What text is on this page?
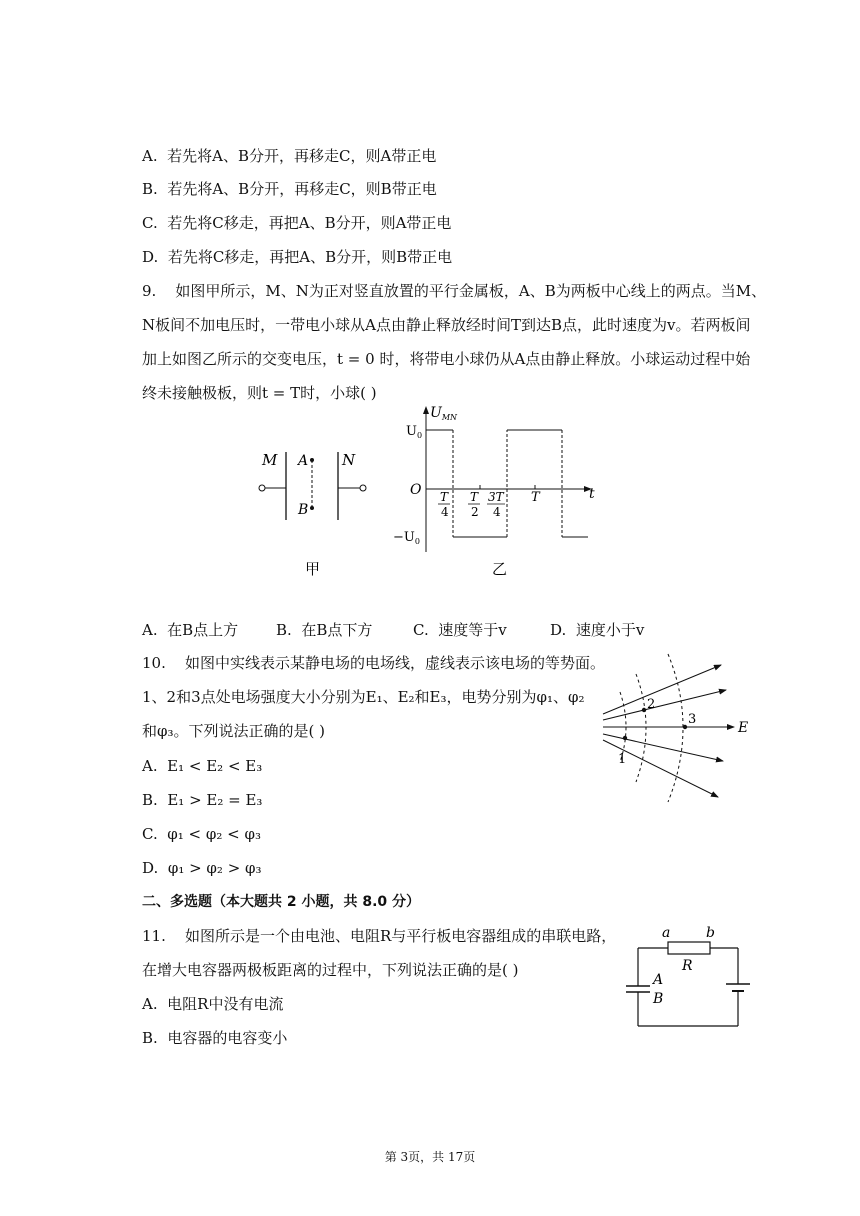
A. 若先将A、B分开，再移走C，则A带正电
B. 若先将A、B分开，再移走C，则B带正电
C. 若先将C移走，再把A、B分开，则A带正电
D. 若先将C移走，再把A、B分开，则B带正电
9. 如图甲所示，M、N为正对竖直放置的平行金属板，A、B为两板中心线上的两点。当M、
N板间不加电压时，一带电小球从A点由静止释放经时间T到达B点，此时速度为v。若两板间
加上如图乙所示的交变电压，t = 0 时，将带电小球仍从A点由静止释放。小球运动过程中始
终未接触极板，则t = T时，小球( )
M	N
A
B
甲
$U_{MN}$
$U_0$
O
$-U_0$
t
T
4
T
2
3T
4
T
乙
A. 在B点上方	B. 在B点下方	C. 速度等于v	D. 速度小于v
10. 如图中实线表示某静电场的电场线，虚线表示该电场的等势面。
1、2和3点处电场强度大小分别为E₁、E₂和E₃，电势分别为φ₁、φ₂
和φ₃。下列说法正确的是( )
A. E₁ < E₂ < E₃
B. E₁ > E₂ = E₃
C. φ₁ < φ₂ < φ₃
D. φ₁ > φ₂ > φ₃
1
2
3
E
二、多选题（本大题共 2 小题，共 8.0 分）
11. 如图所示是一个由电池、电阻R与平行板电容器组成的串联电路，
在增大电容器两极板距离的过程中，下列说法正确的是( )
A. 电阻R中没有电流
B. 电容器的电容变小
a	b
R
A
B
第 3页，共 17页
